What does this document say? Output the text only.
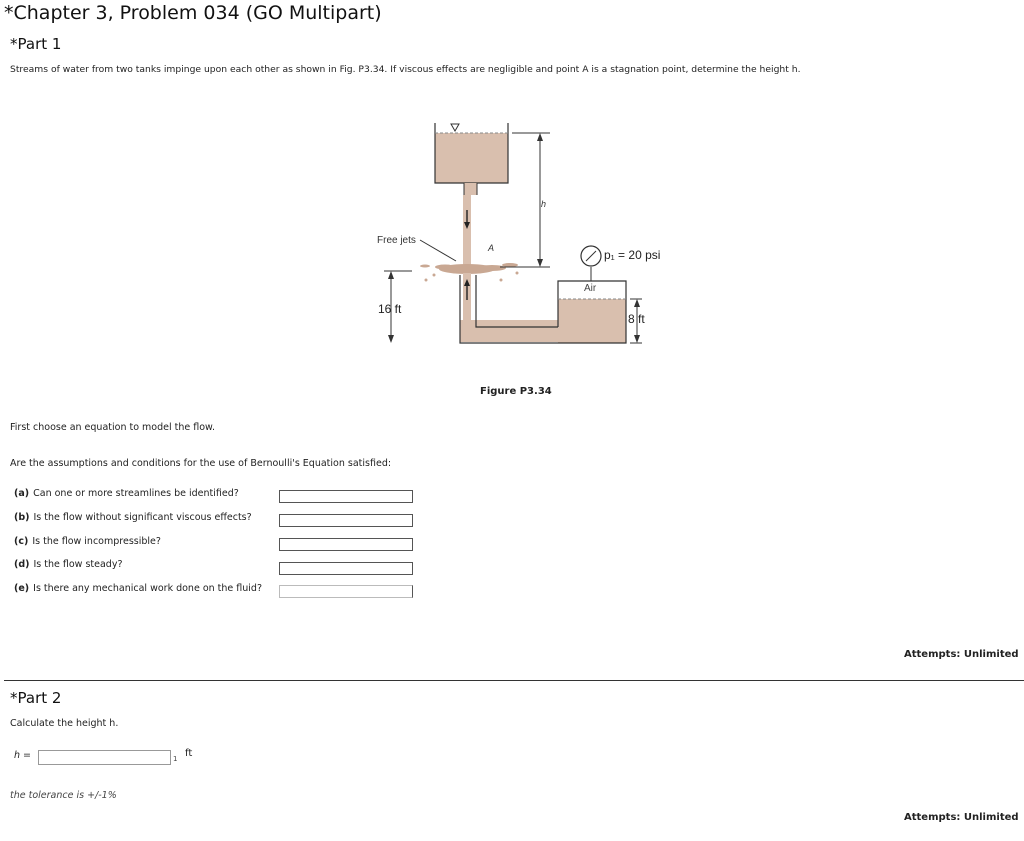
*Chapter 3, Problem 034 (GO Multipart)
*Part 1
Streams of water from two tanks impinge upon each other as shown in Fig. P3.34. If viscous effects are negligible and point A is a stagnation point, determine the height h.
Free jets
A
h
p₁ = 20 psi
Air
16 ft
8 ft
Figure P3.34
First choose an equation to model the flow.
Are the assumptions and conditions for the use of Bernoulli's Equation satisfied:
(a) Can one or more streamlines be identified?
(b) Is the flow without significant viscous effects?
(c) Is the flow incompressible?
(d) Is the flow steady?
(e) Is there any mechanical work done on the fluid?
Attempts: Unlimited
*Part 2
Calculate the height h.
h =	1 ft
the tolerance is +/-1%
Attempts: Unlimited
